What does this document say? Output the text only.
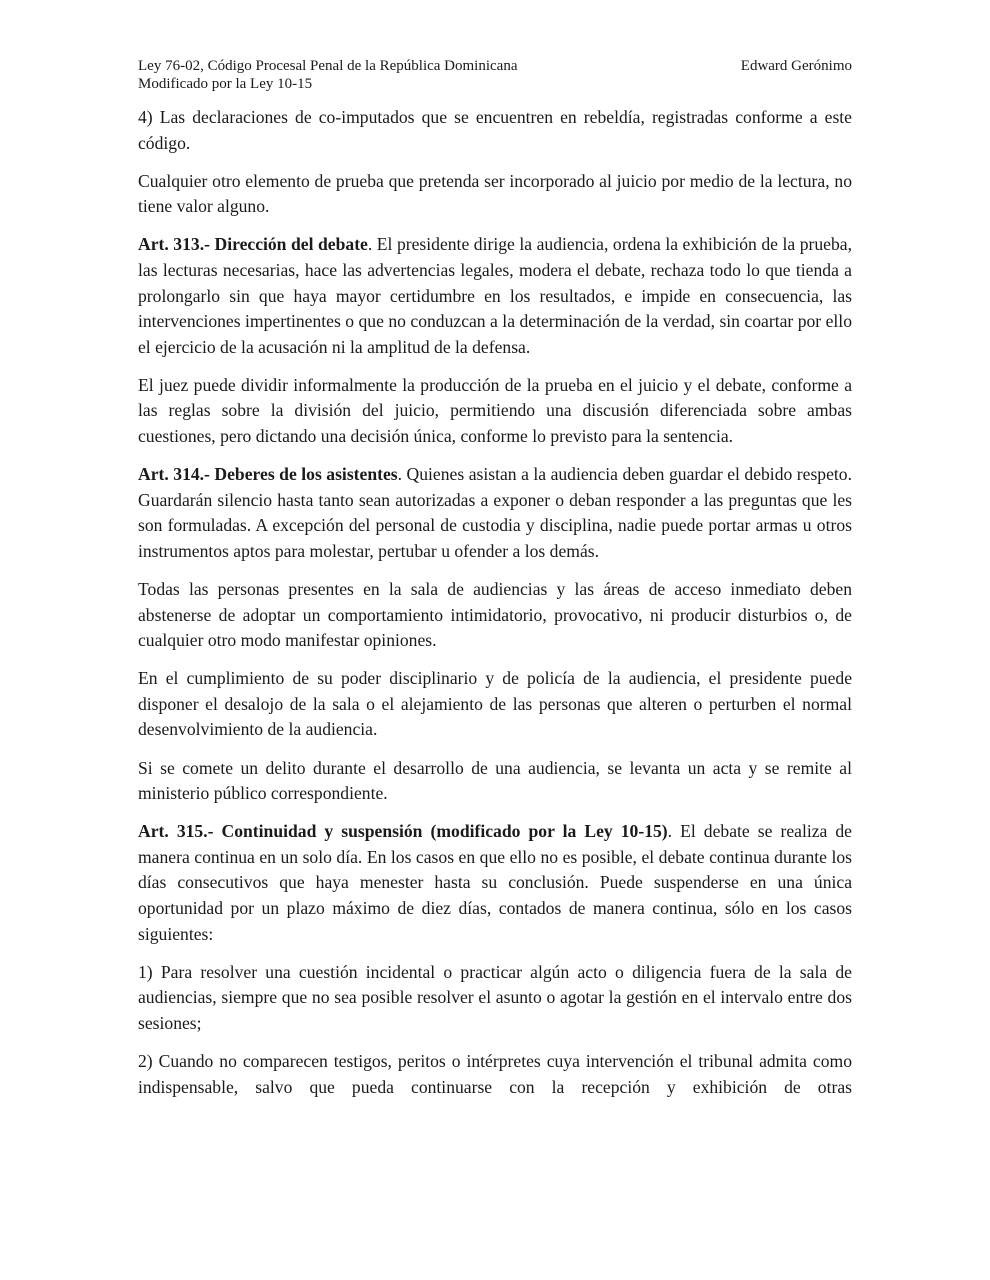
Ley 76-02, Código Procesal Penal de la República Dominicana
Modificado por la Ley 10-15
Edward Gerónimo

4) Las declaraciones de co-imputados que se encuentren en rebeldía, registradas conforme a este código.

Cualquier otro elemento de prueba que pretenda ser incorporado al juicio por medio de la lectura, no tiene valor alguno.

Art. 313.- Dirección del debate. El presidente dirige la audiencia, ordena la exhibición de la prueba, las lecturas necesarias, hace las advertencias legales, modera el debate, rechaza todo lo que tienda a prolongarlo sin que haya mayor certidumbre en los resultados, e impide en consecuencia, las intervenciones impertinentes o que no conduzcan a la determinación de la verdad, sin coartar por ello el ejercicio de la acusación ni la amplitud de la defensa.

El juez puede dividir informalmente la producción de la prueba en el juicio y el debate, conforme a las reglas sobre la división del juicio, permitiendo una discusión diferenciada sobre ambas cuestiones, pero dictando una decisión única, conforme lo previsto para la sentencia.

Art. 314.- Deberes de los asistentes. Quienes asistan a la audiencia deben guardar el debido respeto. Guardarán silencio hasta tanto sean autorizadas a exponer o deban responder a las preguntas que les son formuladas. A excepción del personal de custodia y disciplina, nadie puede portar armas u otros instrumentos aptos para molestar, pertubar u ofender a los demás.

Todas las personas presentes en la sala de audiencias y las áreas de acceso inmediato deben abstenerse de adoptar un comportamiento intimidatorio, provocativo, ni producir disturbios o, de cualquier otro modo manifestar opiniones.

En el cumplimiento de su poder disciplinario y de policía de la audiencia, el presidente puede disponer el desalojo de la sala o el alejamiento de las personas que alteren o perturben el normal desenvolvimiento de la audiencia.

Si se comete un delito durante el desarrollo de una audiencia, se levanta un acta y se remite al ministerio público correspondiente.

Art. 315.- Continuidad y suspensión (modificado por la Ley 10-15). El debate se realiza de manera continua en un solo día. En los casos en que ello no es posible, el debate continua durante los días consecutivos que haya menester hasta su conclusión. Puede suspenderse en una única oportunidad por un plazo máximo de diez días, contados de manera continua, sólo en los casos siguientes:

1) Para resolver una cuestión incidental o practicar algún acto o diligencia fuera de la sala de audiencias, siempre que no sea posible resolver el asunto o agotar la gestión en el intervalo entre dos sesiones;

2) Cuando no comparecen testigos, peritos o intérpretes cuya intervención el tribunal admita como indispensable, salvo que pueda continuarse con la recepción y exhibición de otras
